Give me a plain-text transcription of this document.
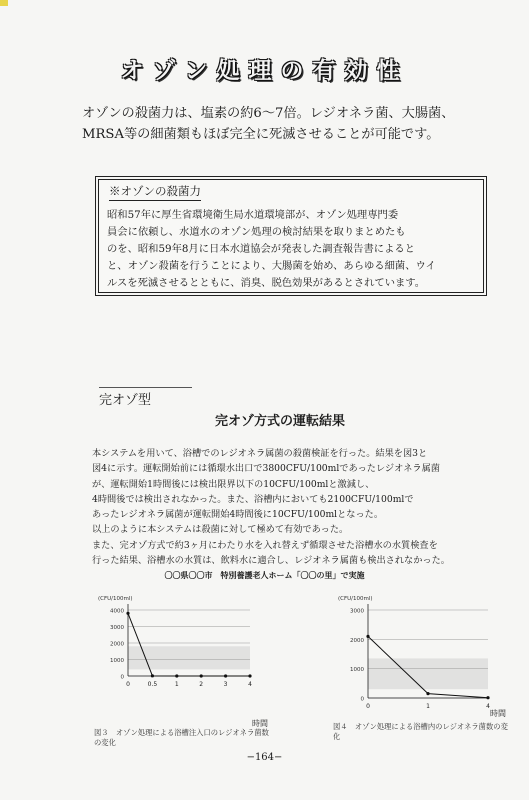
オゾン処理の有効性
オゾンの殺菌力は、塩素の約6～7倍。レジオネラ菌、大腸菌、
MRSA等の細菌類もほぼ完全に死滅させることが可能です。
※オゾンの殺菌力
昭和57年に厚生省環境衛生局水道環境部が、オゾン処理専門委
員会に依頼し、水道水のオゾン処理の検討結果を取りまとめたも
のを、昭和59年8月に日本水道協会が発表した調査報告書によると
と、オゾン殺菌を行うことにより、大腸菌を始め、あらゆる細菌、ウイ
ルスを死滅させるとともに、消臭、脱色効果があるとされています。
完オゾ型
完オゾ方式の運転結果
本システムを用いて、浴槽でのレジオネラ属菌の殺菌検証を行った。結果を図3と
図4に示す。運転開始前には循環水出口で3800CFU/100mlであったレジオネラ属菌
が、運転開始1時間後には検出限界以下の10CFU/100mlと激減し、
4時間後では検出されなかった。また、浴槽内においても2100CFU/100mlで
あったレジオネラ属菌が運転開始4時間後に10CFU/100mlとなった。
以上のように本システムは殺菌に対して極めて有効であった。
また、完オゾ方式で約3ヶ月にわたり水を入れ替えず循環させた浴槽水の水質検査を
行った結果、浴槽水の水質は、飲料水に適合し、レジオネラ属菌も検出されなかった。
〇〇県〇〇市　特別養護老人ホーム「〇〇の里」で実施
4000
3000
2000
1000
0
(CFU/100ml)
0	0.5	1	2	3	4
3000
2000
1000
0
(CFU/100ml)
0	1	4
時間
時間
図３　オゾン処理による浴槽注入口のレジオネラ菌数の変化
図４　オゾン処理による浴槽内のレジオネラ菌数の変化
−164−
